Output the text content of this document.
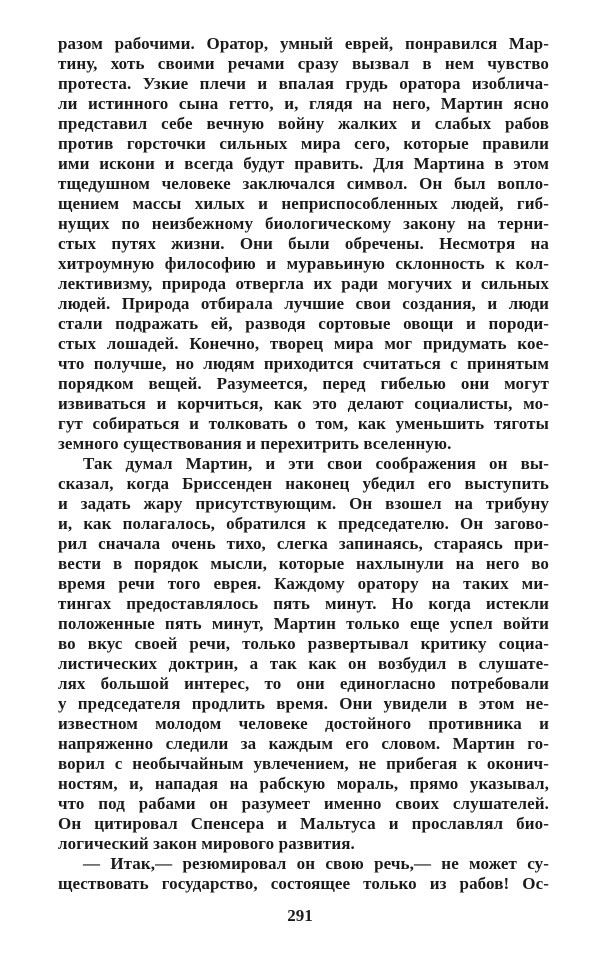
разом рабочими. Оратор, умный еврей, понравился Мар-
тину, хоть своими речами сразу вызвал в нем чувство
протеста. Узкие плечи и впалая грудь оратора изоблича-
ли истинного сына гетто, и, глядя на него, Мартин ясно
представил себе вечную войну жалких и слабых рабов
против горсточки сильных мира сего, которые правили
ими искони и всегда будут править. Для Мартина в этом
тщедушном человеке заключался символ. Он был вопло-
щением массы хилых и неприспособленных людей, гиб-
нущих по неизбежному биологическому закону на терни-
стых путях жизни. Они были обречены. Несмотря на
хитроумную философию и муравьиную склонность к кол-
лективизму, природа отвергла их ради могучих и сильных
людей. Природа отбирала лучшие свои создания, и люди
стали подражать ей, разводя сортовые овощи и породи-
стых лошадей. Конечно, творец мира мог придумать кое-
что получше, но людям приходится считаться с принятым
порядком вещей. Разумеется, перед гибелью они могут
извиваться и корчиться, как это делают социалисты, мо-
гут собираться и толковать о том, как уменьшить тяготы
земного существования и перехитрить вселенную.
Так думал Мартин, и эти свои соображения он вы-
сказал, когда Бриссенден наконец убедил его выступить
и задать жару присутствующим. Он взошел на трибуну
и, как полагалось, обратился к председателю. Он загово-
рил сначала очень тихо, слегка запинаясь, стараясь при-
вести в порядок мысли, которые нахлынули на него во
время речи того еврея. Каждому оратору на таких ми-
тингах предоставлялось пять минут. Но когда истекли
положенные пять минут, Мартин только еще успел войти
во вкус своей речи, только развертывал критику социа-
листических доктрин, а так как он возбудил в слушате-
лях большой интерес, то они единогласно потребовали
у председателя продлить время. Они увидели в этом не-
известном молодом человеке достойного противника и
напряженно следили за каждым его словом. Мартин го-
ворил с необычайным увлечением, не прибегая к оконич-
ностям, и, нападая на рабскую мораль, прямо указывал,
что под рабами он разумеет именно своих слушателей.
Он цитировал Спенсера и Мальтуса и прославлял био-
логический закон мирового развития.
— Итак,— резюмировал он свою речь,— не может су-
ществовать государство, состоящее только из рабов! Ос-
291
